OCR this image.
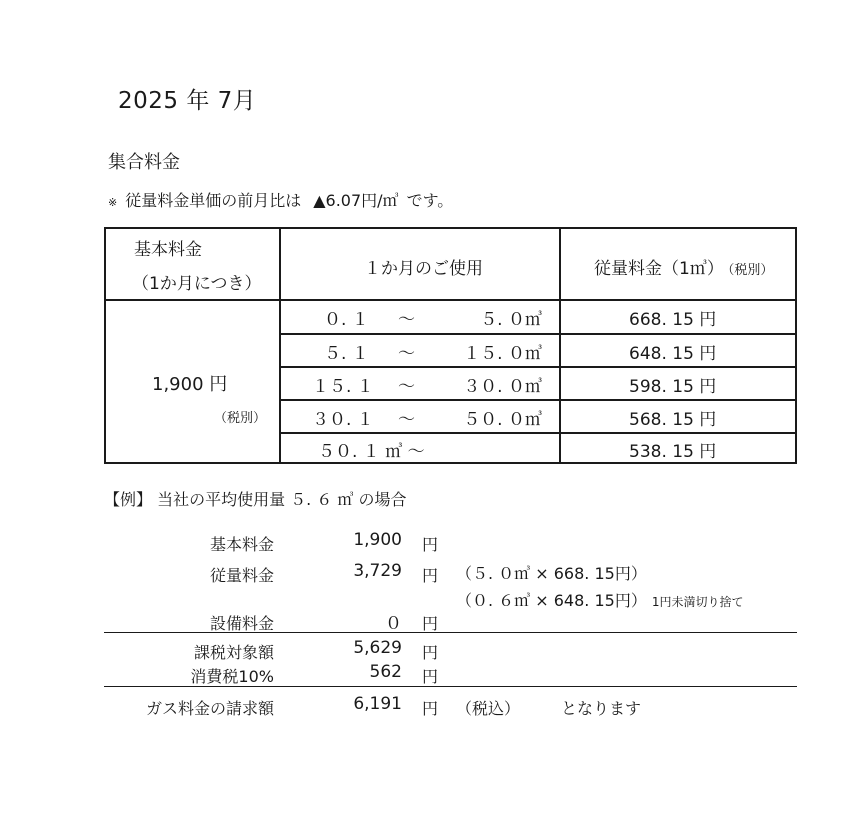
2025 年 7月
集合料金
※ 従量料金単価の前月比は ▲6.07円/㎥ です。
基本料金
（1か月につき）
１か月のご使用	従量料金（1㎥） （税別）
1,900 円
（税別）
０. １ ～	５. ０㎥	668. 15 円
５. １ ～	１５. ０㎥	648. 15 円
１５. １ ～	３０. ０㎥	598. 15 円
３０. １ ～	５０. ０㎥	568. 15 円
５０. １ ㎥ ～	538. 15 円
【例】 当社の平均使用量 ５. ６ ㎥ の場合
基本料金	1,900 円
従量料金	3,729 円 （５. ０㎥ × 668. 15円）
（０. ６㎥ × 648. 15円） 1円未満切り捨て
設備料金	０ 円
課税対象額	5,629 円
消費税10%	562 円
ガス料金の請求額	6,191 円 （税込）	となります
